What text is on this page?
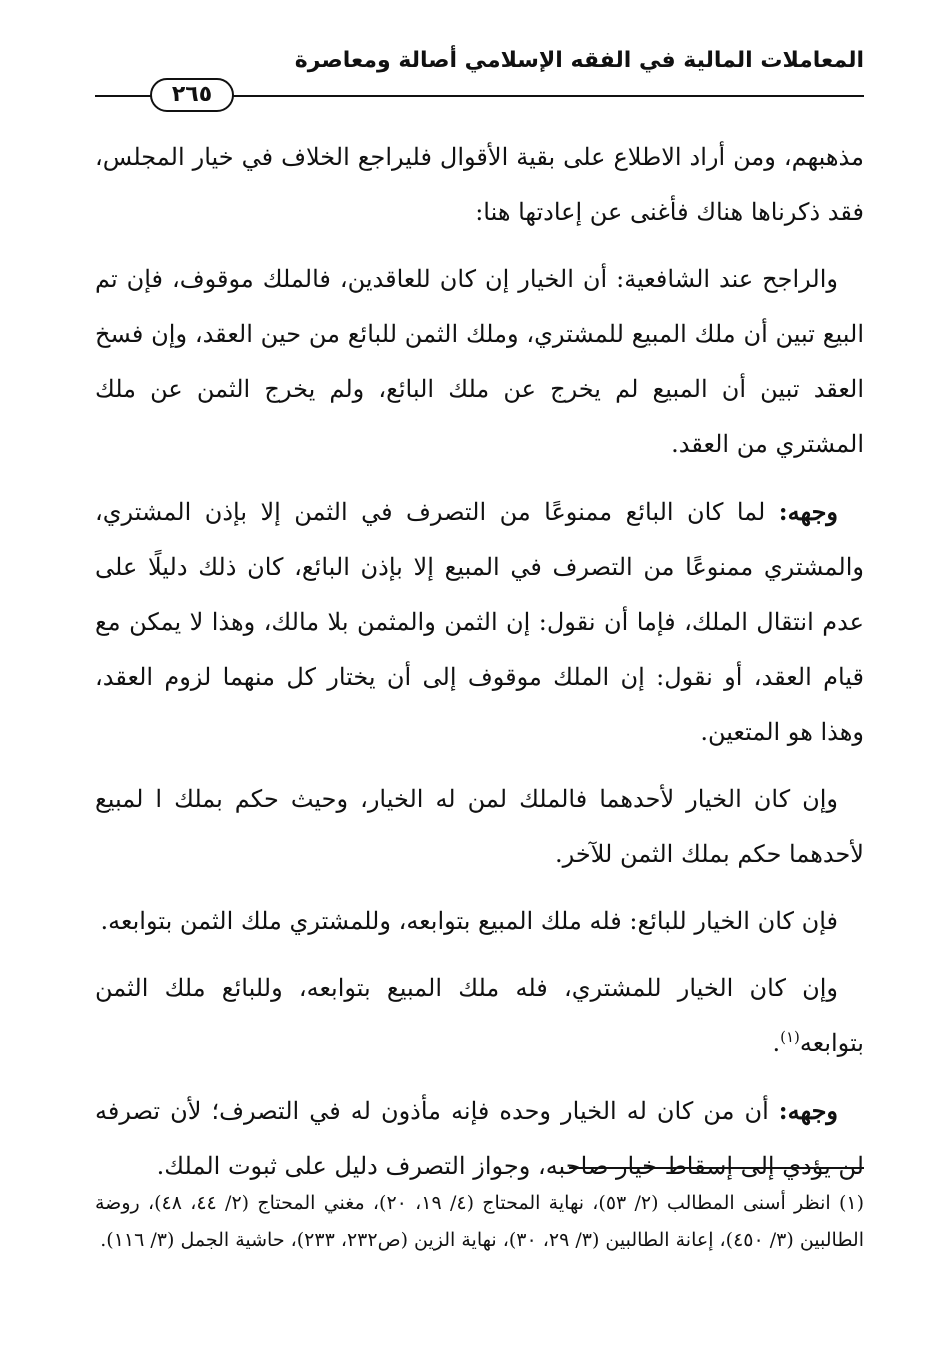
المعاملات المالية في الفقه الإسلامي أصالة ومعاصرة
٢٦٥

مذهبهم، ومن أراد الاطلاع على بقية الأقوال فليراجع الخلاف في خيار المجلس، فقد ذكرناها هناك فأغنى عن إعادتها هنا:

والراجح عند الشافعية: أن الخيار إن كان للعاقدين، فالملك موقوف، فإن تم البيع تبين أن ملك المبيع للمشتري، وملك الثمن للبائع من حين العقد، وإن فسخ العقد تبين أن المبيع لم يخرج عن ملك البائع، ولم يخرج الثمن عن ملك المشتري من العقد.

وجهه: لما كان البائع ممنوعًا من التصرف في الثمن إلا بإذن المشتري، والمشتري ممنوعًا من التصرف في المبيع إلا بإذن البائع، كان ذلك دليلًا على عدم انتقال الملك، فإما أن نقول: إن الثمن والمثمن بلا مالك، وهذا لا يمكن مع قيام العقد، أو نقول: إن الملك موقوف إلى أن يختار كل منهما لزوم العقد، وهذا هو المتعين.

وإن كان الخيار لأحدهما فالملك لمن له الخيار، وحيث حكم بملك ا لمبيع لأحدهما حكم بملك الثمن للآخر.

فإن كان الخيار للبائع: فله ملك المبيع بتوابعه، وللمشتري ملك الثمن بتوابعه.

وإن كان الخيار للمشتري، فله ملك المبيع بتوابعه، وللبائع ملك الثمن بتوابعه$^{(١)}$.

وجهه: أن من كان له الخيار وحده فإنه مأذون له في التصرف؛ لأن تصرفه لن يؤدي إلى إسقاط خيار صاحبه، وجواز التصرف دليل على ثبوت الملك.

(١) انظر أسنى المطالب (٢/ ٥٣)، نهاية المحتاج (٤/ ١٩، ٢٠)، مغني المحتاج (٢/ ٤٤، ٤٨)، روضة الطالبين (٣/ ٤٥٠)، إعانة الطالبين (٣/ ٢٩، ٣٠)، نهاية الزين (ص٢٣٢، ٢٣٣)، حاشية الجمل (٣/ ١١٦).
